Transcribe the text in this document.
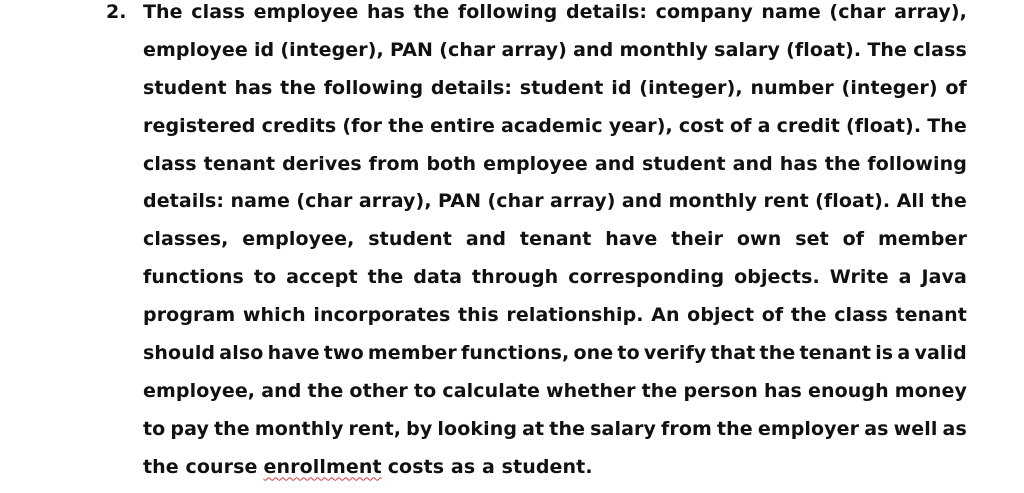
2. The class employee has the following details: company name (char array),
employee id (integer), PAN (char array) and monthly salary (float). The class
student has the following details: student id (integer), number (integer) of
registered credits (for the entire academic year), cost of a credit (float). The
class tenant derives from both employee and student and has the following
details: name (char array), PAN (char array) and monthly rent (float). All the
classes, employee, student and tenant have their own set of member
functions to accept the data through corresponding objects. Write a Java
program which incorporates this relationship. An object of the class tenant
should also have two member functions, one to verify that the tenant is a valid
employee, and the other to calculate whether the person has enough money
to pay the monthly rent, by looking at the salary from the employer as well as
the course enrollment costs as a student.
